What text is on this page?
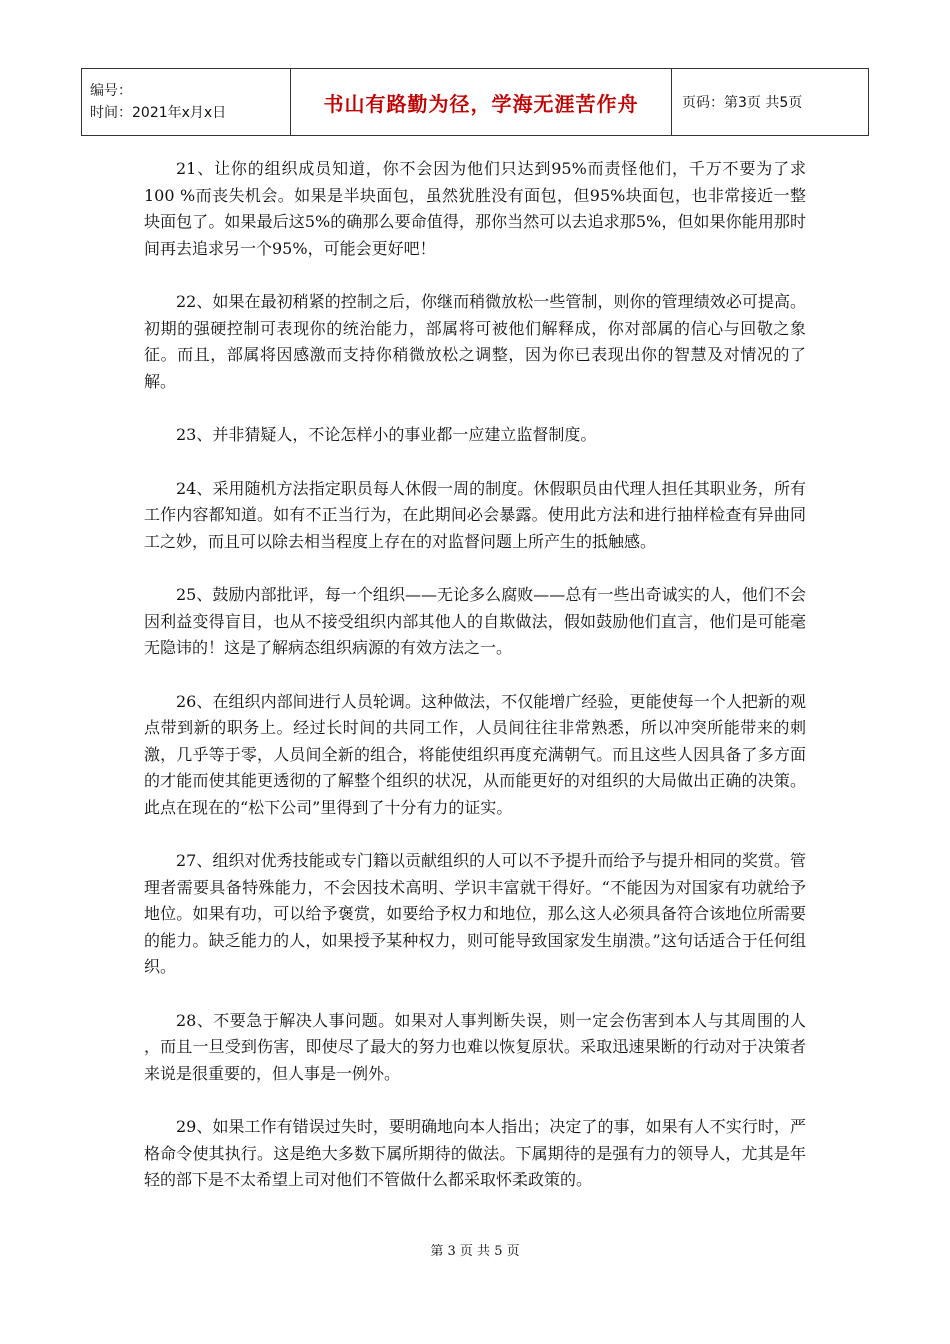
编号：
时间：2021年x月x日	书山有路勤为径，学海无涯苦作舟	页码：第3页 共5页

21、让你的组织成员知道，你不会因为他们只达到95%而责怪他们，千万不要为了求100 %而丧失机会。如果是半块面包，虽然犹胜没有面包，但95%块面包，也非常接近一整块面包了。如果最后这5%的确那么要命值得，那你当然可以去追求那5%，但如果你能用那时间再去追求另一个95%，可能会更好吧！

22、如果在最初稍紧的控制之后，你继而稍微放松一些管制，则你的管理绩效必可提高。初期的强硬控制可表现你的统治能力，部属将可被他们解释成，你对部属的信心与回敬之象征。而且，部属将因感激而支持你稍微放松之调整，因为你已表现出你的智慧及对情况的了解。

23、并非猜疑人，不论怎样小的事业都一应建立监督制度。

24、采用随机方法指定职员每人休假一周的制度。休假职员由代理人担任其职业务，所有工作内容都知道。如有不正当行为，在此期间必会暴露。使用此方法和进行抽样检查有异曲同工之妙，而且可以除去相当程度上存在的对监督问题上所产生的抵触感。

25、鼓励内部批评，每一个组织——无论多么腐败——总有一些出奇诚实的人，他们不会因利益变得盲目，也从不接受组织内部其他人的自欺做法，假如鼓励他们直言，他们是可能毫无隐讳的！这是了解病态组织病源的有效方法之一。

26、在组织内部间进行人员轮调。这种做法，不仅能增广经验，更能使每一个人把新的观点带到新的职务上。经过长时间的共同工作，人员间往往非常熟悉，所以冲突所能带来的刺激，几乎等于零，人员间全新的组合，将能使组织再度充满朝气。而且这些人因具备了多方面的才能而使其能更透彻的了解整个组织的状况，从而能更好的对组织的大局做出正确的决策。此点在现在的“松下公司”里得到了十分有力的证实。

27、组织对优秀技能或专门籍以贡献组织的人可以不予提升而给予与提升相同的奖赏。管理者需要具备特殊能力，不会因技术高明、学识丰富就干得好。“不能因为对国家有功就给予地位。如果有功，可以给予褒赏，如要给予权力和地位，那么这人必须具备符合该地位所需要的能力。缺乏能力的人，如果授予某种权力，则可能导致国家发生崩溃。”这句话适合于任何组织。

28、不要急于解决人事问题。如果对人事判断失误，则一定会伤害到本人与其周围的人 ，而且一旦受到伤害，即使尽了最大的努力也难以恢复原状。采取迅速果断的行动对于决策者来说是很重要的，但人事是一例外。

29、如果工作有错误过失时，要明确地向本人指出；决定了的事，如果有人不实行时，严格命令使其执行。这是绝大多数下属所期待的做法。下属期待的是强有力的领导人，尤其是年轻的部下是不太希望上司对他们不管做什么都采取怀柔政策的。

第 3 页 共 5 页
